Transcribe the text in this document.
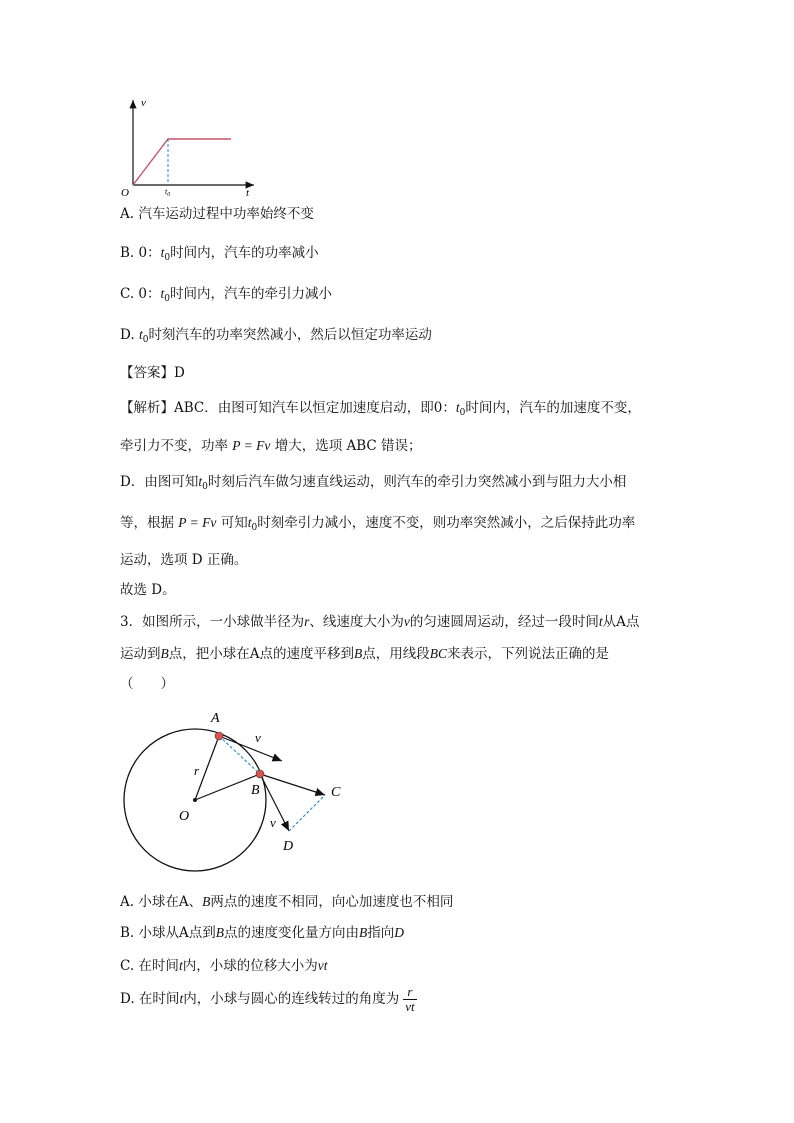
v
t
O	$t_0$
A. 汽车运动过程中功率始终不变
B. 0：$t_0$时间内，汽车的功率减小
C. 0：$t_0$时间内，汽车的牵引力减小
D. $t_0$时刻汽车的功率突然减小，然后以恒定功率运动
【答案】D
【解析】ABC．由图可知汽车以恒定加速度启动，即0：$t_0$时间内，汽车的加速度不变，
牵引力不变，功率 P = Fv 增大，选项 ABC 错误；
D．由图可知$t_0$时刻后汽车做匀速直线运动，则汽车的牵引力突然减小到与阻力大小相
等，根据 P = Fv 可知$t_0$时刻牵引力减小，速度不变，则功率突然减小，之后保持此功率
运动，选项 D 正确。
故选 D。
3．如图所示，一小球做半径为r、线速度大小为v的匀速圆周运动，经过一段时间t从A点
运动到B点，把小球在A点的速度平移到B点，用线段BC来表示，下列说法正确的是
（　　）
A
B	C
D
O
r
v
v
A. 小球在A、B两点的速度不相同，向心加速度也不相同
B. 小球从A点到B点的速度变化量方向由B指向D
C. 在时间t内，小球的位移大小为vt
D. 在时间t内，小球与圆心的连线转过的角度为 $\frac{r}{vt}$
